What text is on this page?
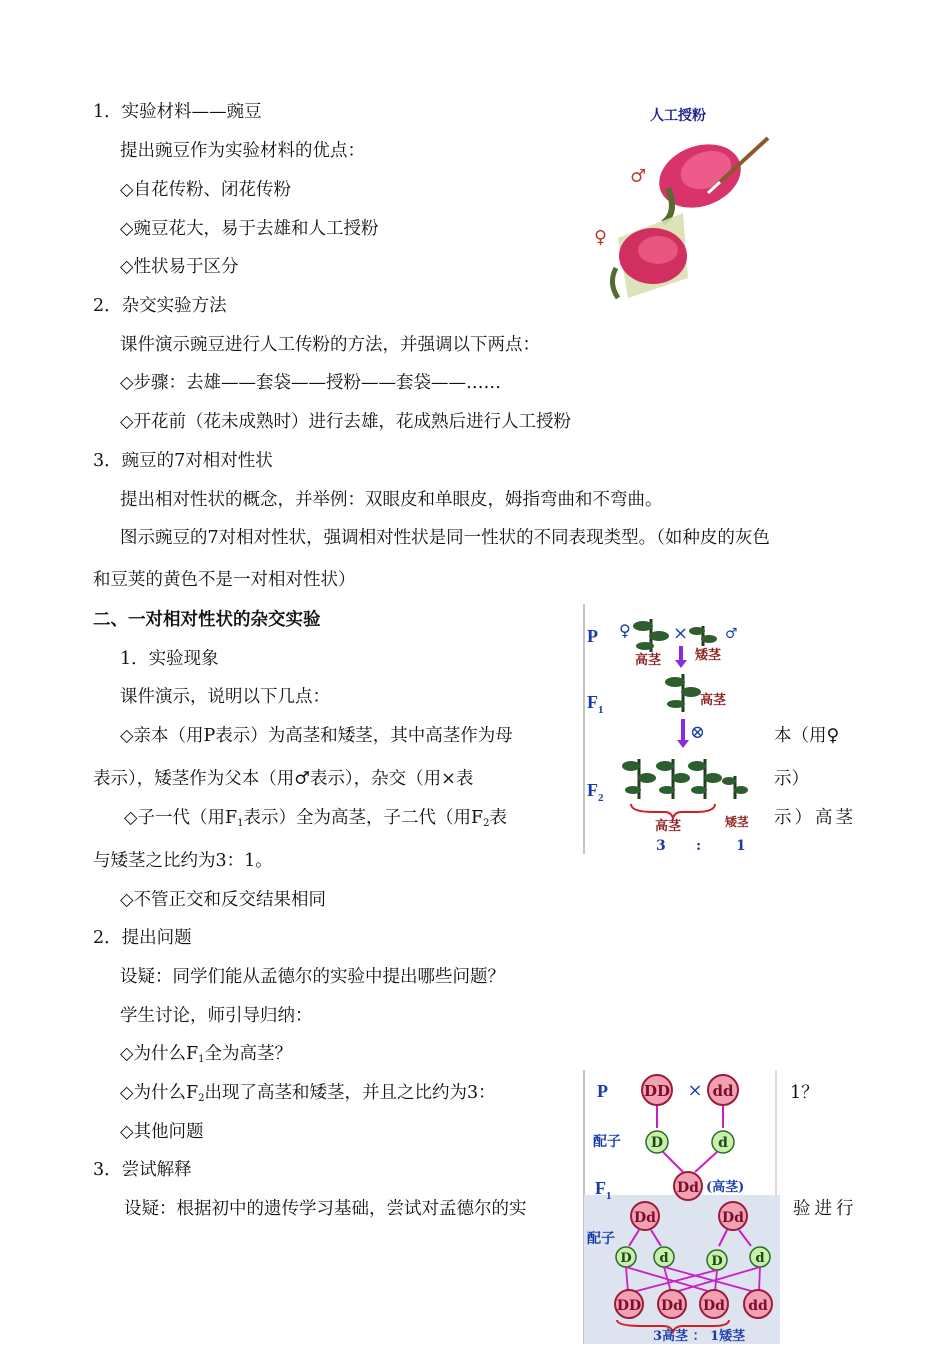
1．实验材料——豌豆
提出豌豆作为实验材料的优点：
◇自花传粉、闭花传粉
◇豌豆花大，易于去雄和人工授粉
◇性状易于区分
2．杂交实验方法
课件演示豌豆进行人工传粉的方法，并强调以下两点：
◇步骤：去雄——套袋——授粉——套袋——……
◇开花前（花未成熟时）进行去雄，花成熟后进行人工授粉
3．豌豆的7对相对性状
提出相对性状的概念，并举例：双眼皮和单眼皮，姆指弯曲和不弯曲。
图示豌豆的7对相对性状，强调相对性状是同一性状的不同表现类型。（如种皮的灰色
和豆荚的黄色不是一对相对性状）
二、一对相对性状的杂交实验
1．实验现象
课件演示，说明以下几点：
◇亲本（用P表示）为高茎和矮茎，其中高茎作为母	本（用♀
表示），矮茎作为父本（用♂表示），杂交（用×表	示）
◇子一代（用$F_1$表示）全为高茎，子二代（用$F_2$表	示）高茎
与矮茎之比约为3：1。
◇不管正交和反交结果相同
2．提出问题
设疑：同学们能从孟德尔的实验中提出哪些问题？
学生讨论，师引导归纳：
◇为什么$F_1$全为高茎？
◇为什么$F_2$出现了高茎和矮茎，并且之比约为3：	1？
◇其他问题
3．尝试解释
设疑：根据初中的遗传学习基础，尝试对孟德尔的实	验进行
人工授粉
♂
♀
P ♀ ×	♂
高茎	矮茎
$F_1$
高茎
⊗
$F_2$
高茎	矮茎
3 : 1
P DD × dd
配子 D	d
$F_1$	Dd (高茎)
配子
Dd	Dd
D d	D	d
DD Dd Dd dd
3高茎 ： 1矮茎
